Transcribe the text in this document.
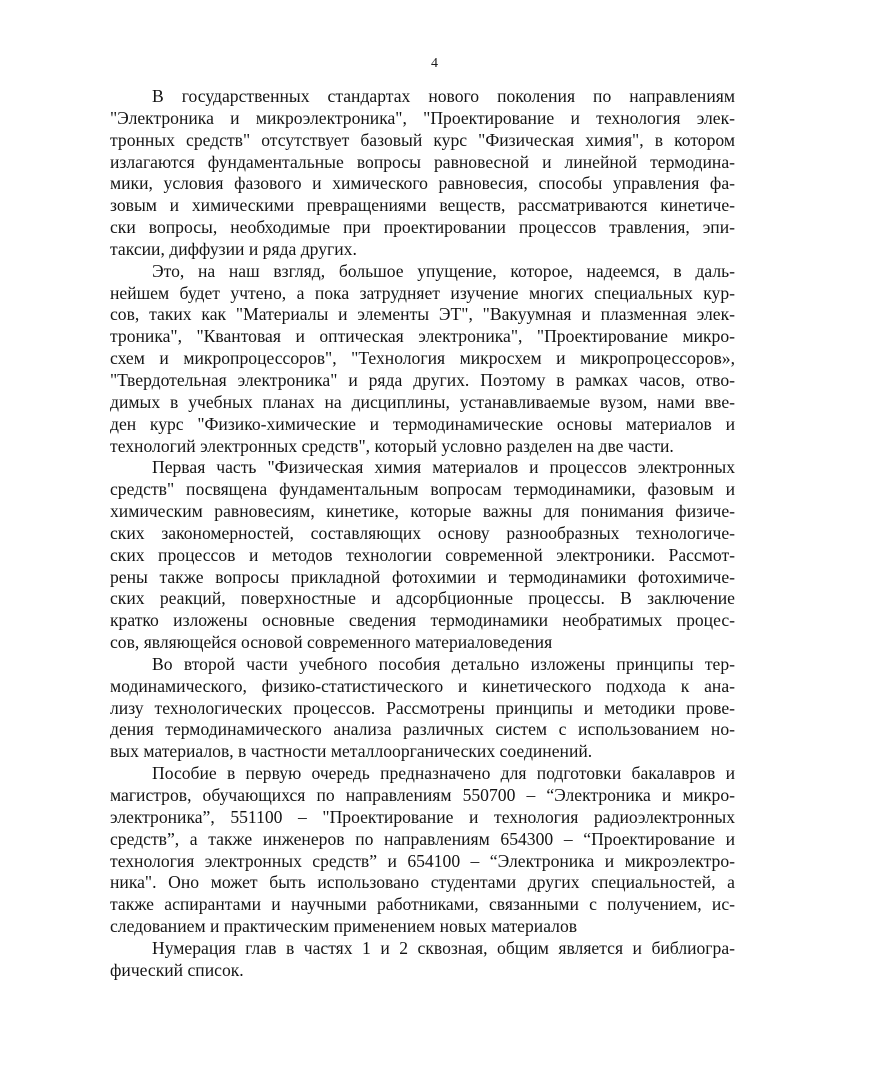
4
В государственных стандартах нового поколения по направлениям
"Электроника и микроэлектроника", "Проектирование и технология элек-
тронных средств" отсутствует базовый курс "Физическая химия", в котором
излагаются фундаментальные вопросы равновесной и линейной термодина-
мики, условия фазового и химического равновесия, способы управления фа-
зовым и химическими превращениями веществ, рассматриваются кинетиче-
ски вопросы, необходимые при проектировании процессов травления, эпи-
таксии, диффузии и ряда других.
Это, на наш взгляд, большое упущение, которое, надеемся, в даль-
нейшем будет учтено, а пока затрудняет изучение многих специальных кур-
сов, таких как "Материалы и элементы ЭТ", "Вакуумная и плазменная элек-
троника", "Квантовая и оптическая электроника", "Проектирование микро-
схем и микропроцессоров", "Технология микросхем и микропроцессоров»,
"Твердотельная электроника" и ряда других. Поэтому в рамках часов, отво-
димых в учебных планах на дисциплины, устанавливаемые вузом, нами вве-
ден курс "Физико-химические и термодинамические основы материалов и
технологий электронных средств", который условно разделен на две части.
Первая часть "Физическая химия материалов и процессов электронных
средств" посвящена фундаментальным вопросам термодинамики, фазовым и
химическим равновесиям, кинетике, которые важны для понимания физиче-
ских закономерностей, составляющих основу разнообразных технологиче-
ских процессов и методов технологии современной электроники. Рассмот-
рены также вопросы прикладной фотохимии и термодинамики фотохимиче-
ских реакций, поверхностные и адсорбционные процессы. В заключение
кратко изложены основные сведения термодинамики необратимых процес-
сов, являющейся основой современного материаловедения
Во второй части учебного пособия детально изложены принципы тер-
модинамического, физико-статистического и кинетического подхода к ана-
лизу технологических процессов. Рассмотрены принципы и методики прове-
дения термодинамического анализа различных систем с использованием но-
вых материалов, в частности металлоорганических соединений.
Пособие в первую очередь предназначено для подготовки бакалавров и
магистров, обучающихся по направлениям 550700 – “Электроника и микро-
электроника”, 551100 – "Проектирование и технология радиоэлектронных
средств”, а также инженеров по направлениям 654300 – “Проектирование и
технология электронных средств” и 654100 – “Электроника и микроэлектро-
ника". Оно может быть использовано студентами других специальностей, а
также аспирантами и научными работниками, связанными с получением, ис-
следованием и практическим применением новых материалов
Нумерация глав в частях 1 и 2 сквозная, общим является и библиогра-
фический список.
